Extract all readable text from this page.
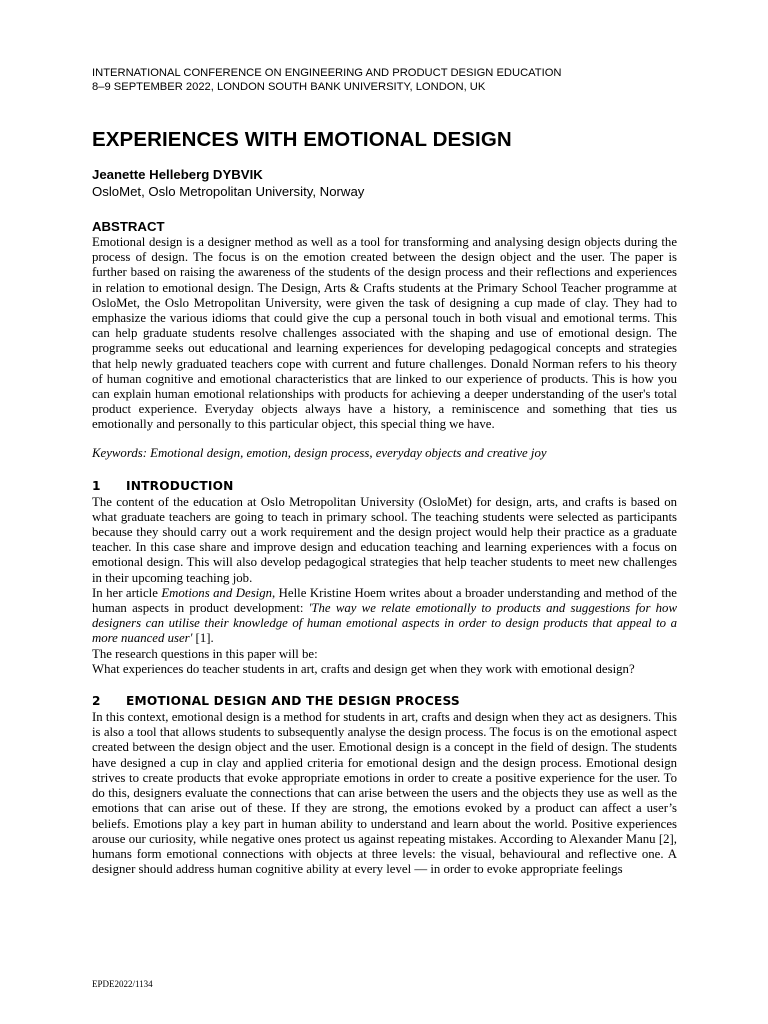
INTERNATIONAL CONFERENCE ON ENGINEERING AND PRODUCT DESIGN EDUCATION
8–9 SEPTEMBER 2022, LONDON SOUTH BANK UNIVERSITY, LONDON, UK
EXPERIENCES WITH EMOTIONAL DESIGN
Jeanette Helleberg DYBVIK
OsloMet, Oslo Metropolitan University, Norway
ABSTRACT

Emotional design is a designer method as well as a tool for transforming and analysing design objects during the process of design. The focus is on the emotion created between the design object and the user. The paper is further based on raising the awareness of the students of the design process and their reflections and experiences in relation to emotional design. The Design, Arts & Crafts students at the Primary School Teacher programme at OsloMet, the Oslo Metropolitan University, were given the task of designing a cup made of clay. They had to emphasize the various idioms that could give the cup a personal touch in both visual and emotional terms. This can help graduate students resolve challenges associated with the shaping and use of emotional design. The programme seeks out educational and learning experiences for developing pedagogical concepts and strategies that help newly graduated teachers cope with current and future challenges. Donald Norman refers to his theory of human cognitive and emotional characteristics that are linked to our experience of products. This is how you can explain human emotional relationships with products for achieving a deeper understanding of the user's total product experience. Everyday objects always have a history, a reminiscence and something that ties us emotionally and personally to this particular object, this special thing we have.

Keywords: Emotional design, emotion, design process, everyday objects and creative joy
1 INTRODUCTION

The content of the education at Oslo Metropolitan University (OsloMet) for design, arts, and crafts is based on what graduate teachers are going to teach in primary school. The teaching students were selected as participants because they should carry out a work requirement and the design project would help their practice as a graduate teacher. In this case share and improve design and education teaching and learning experiences with a focus on emotional design. This will also develop pedagogical strategies that help teacher students to meet new challenges in their upcoming teaching job.

In her article Emotions and Design, Helle Kristine Hoem writes about a broader understanding and method of the human aspects in product development: 'The way we relate emotionally to products and suggestions for how designers can utilise their knowledge of human emotional aspects in order to design products that appeal to a more nuanced user' [1].

The research questions in this paper will be:

What experiences do teacher students in art, crafts and design get when they work with emotional design?

2 EMOTIONAL DESIGN AND THE DESIGN PROCESS

In this context, emotional design is a method for students in art, crafts and design when they act as designers. This is also a tool that allows students to subsequently analyse the design process. The focus is on the emotional aspect created between the design object and the user. Emotional design is a concept in the field of design. The students have designed a cup in clay and applied criteria for emotional design and the design process. Emotional design strives to create products that evoke appropriate emotions in order to create a positive experience for the user. To do this, designers evaluate the connections that can arise between the users and the objects they use as well as the emotions that can arise out of these. If they are strong, the emotions evoked by a product can affect a user’s beliefs. Emotions play a key part in human ability to understand and learn about the world. Positive experiences arouse our curiosity, while negative ones protect us against repeating mistakes. According to Alexander Manu [2], humans form emotional connections with objects at three levels: the visual, behavioural and reflective one. A designer should address human cognitive ability at every level — in order to evoke appropriate feelings

EPDE2022/1134
